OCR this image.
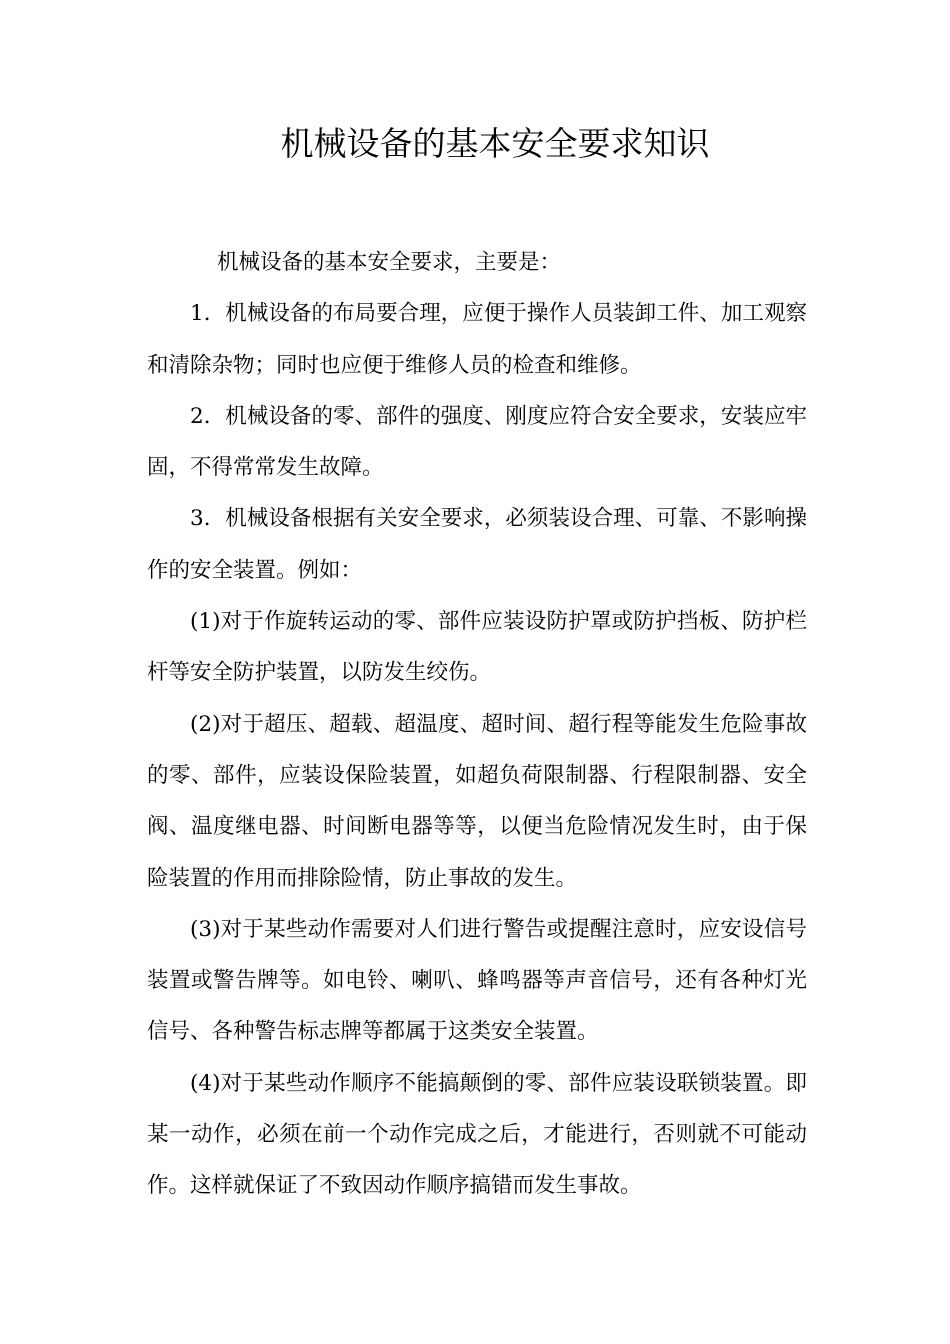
机械设备的基本安全要求知识

机械设备的基本安全要求，主要是：

1．机械设备的布局要合理，应便于操作人员装卸工件、加工观察和清除杂物；同时也应便于维修人员的检查和维修。

2．机械设备的零、部件的强度、刚度应符合安全要求，安装应牢固，不得常常发生故障。

3．机械设备根据有关安全要求，必须装设合理、可靠、不影响操作的安全装置。例如：

(1)对于作旋转运动的零、部件应装设防护罩或防护挡板、防护栏杆等安全防护装置，以防发生绞伤。

(2)对于超压、超载、超温度、超时间、超行程等能发生危险事故的零、部件，应装设保险装置，如超负荷限制器、行程限制器、安全阀、温度继电器、时间断电器等等，以便当危险情况发生时，由于保险装置的作用而排除险情，防止事故的发生。

(3)对于某些动作需要对人们进行警告或提醒注意时，应安设信号装置或警告牌等。如电铃、喇叭、蜂鸣器等声音信号，还有各种灯光信号、各种警告标志牌等都属于这类安全装置。

(4)对于某些动作顺序不能搞颠倒的零、部件应装设联锁装置。即某一动作，必须在前一个动作完成之后，才能进行，否则就不可能动作。这样就保证了不致因动作顺序搞错而发生事故。
